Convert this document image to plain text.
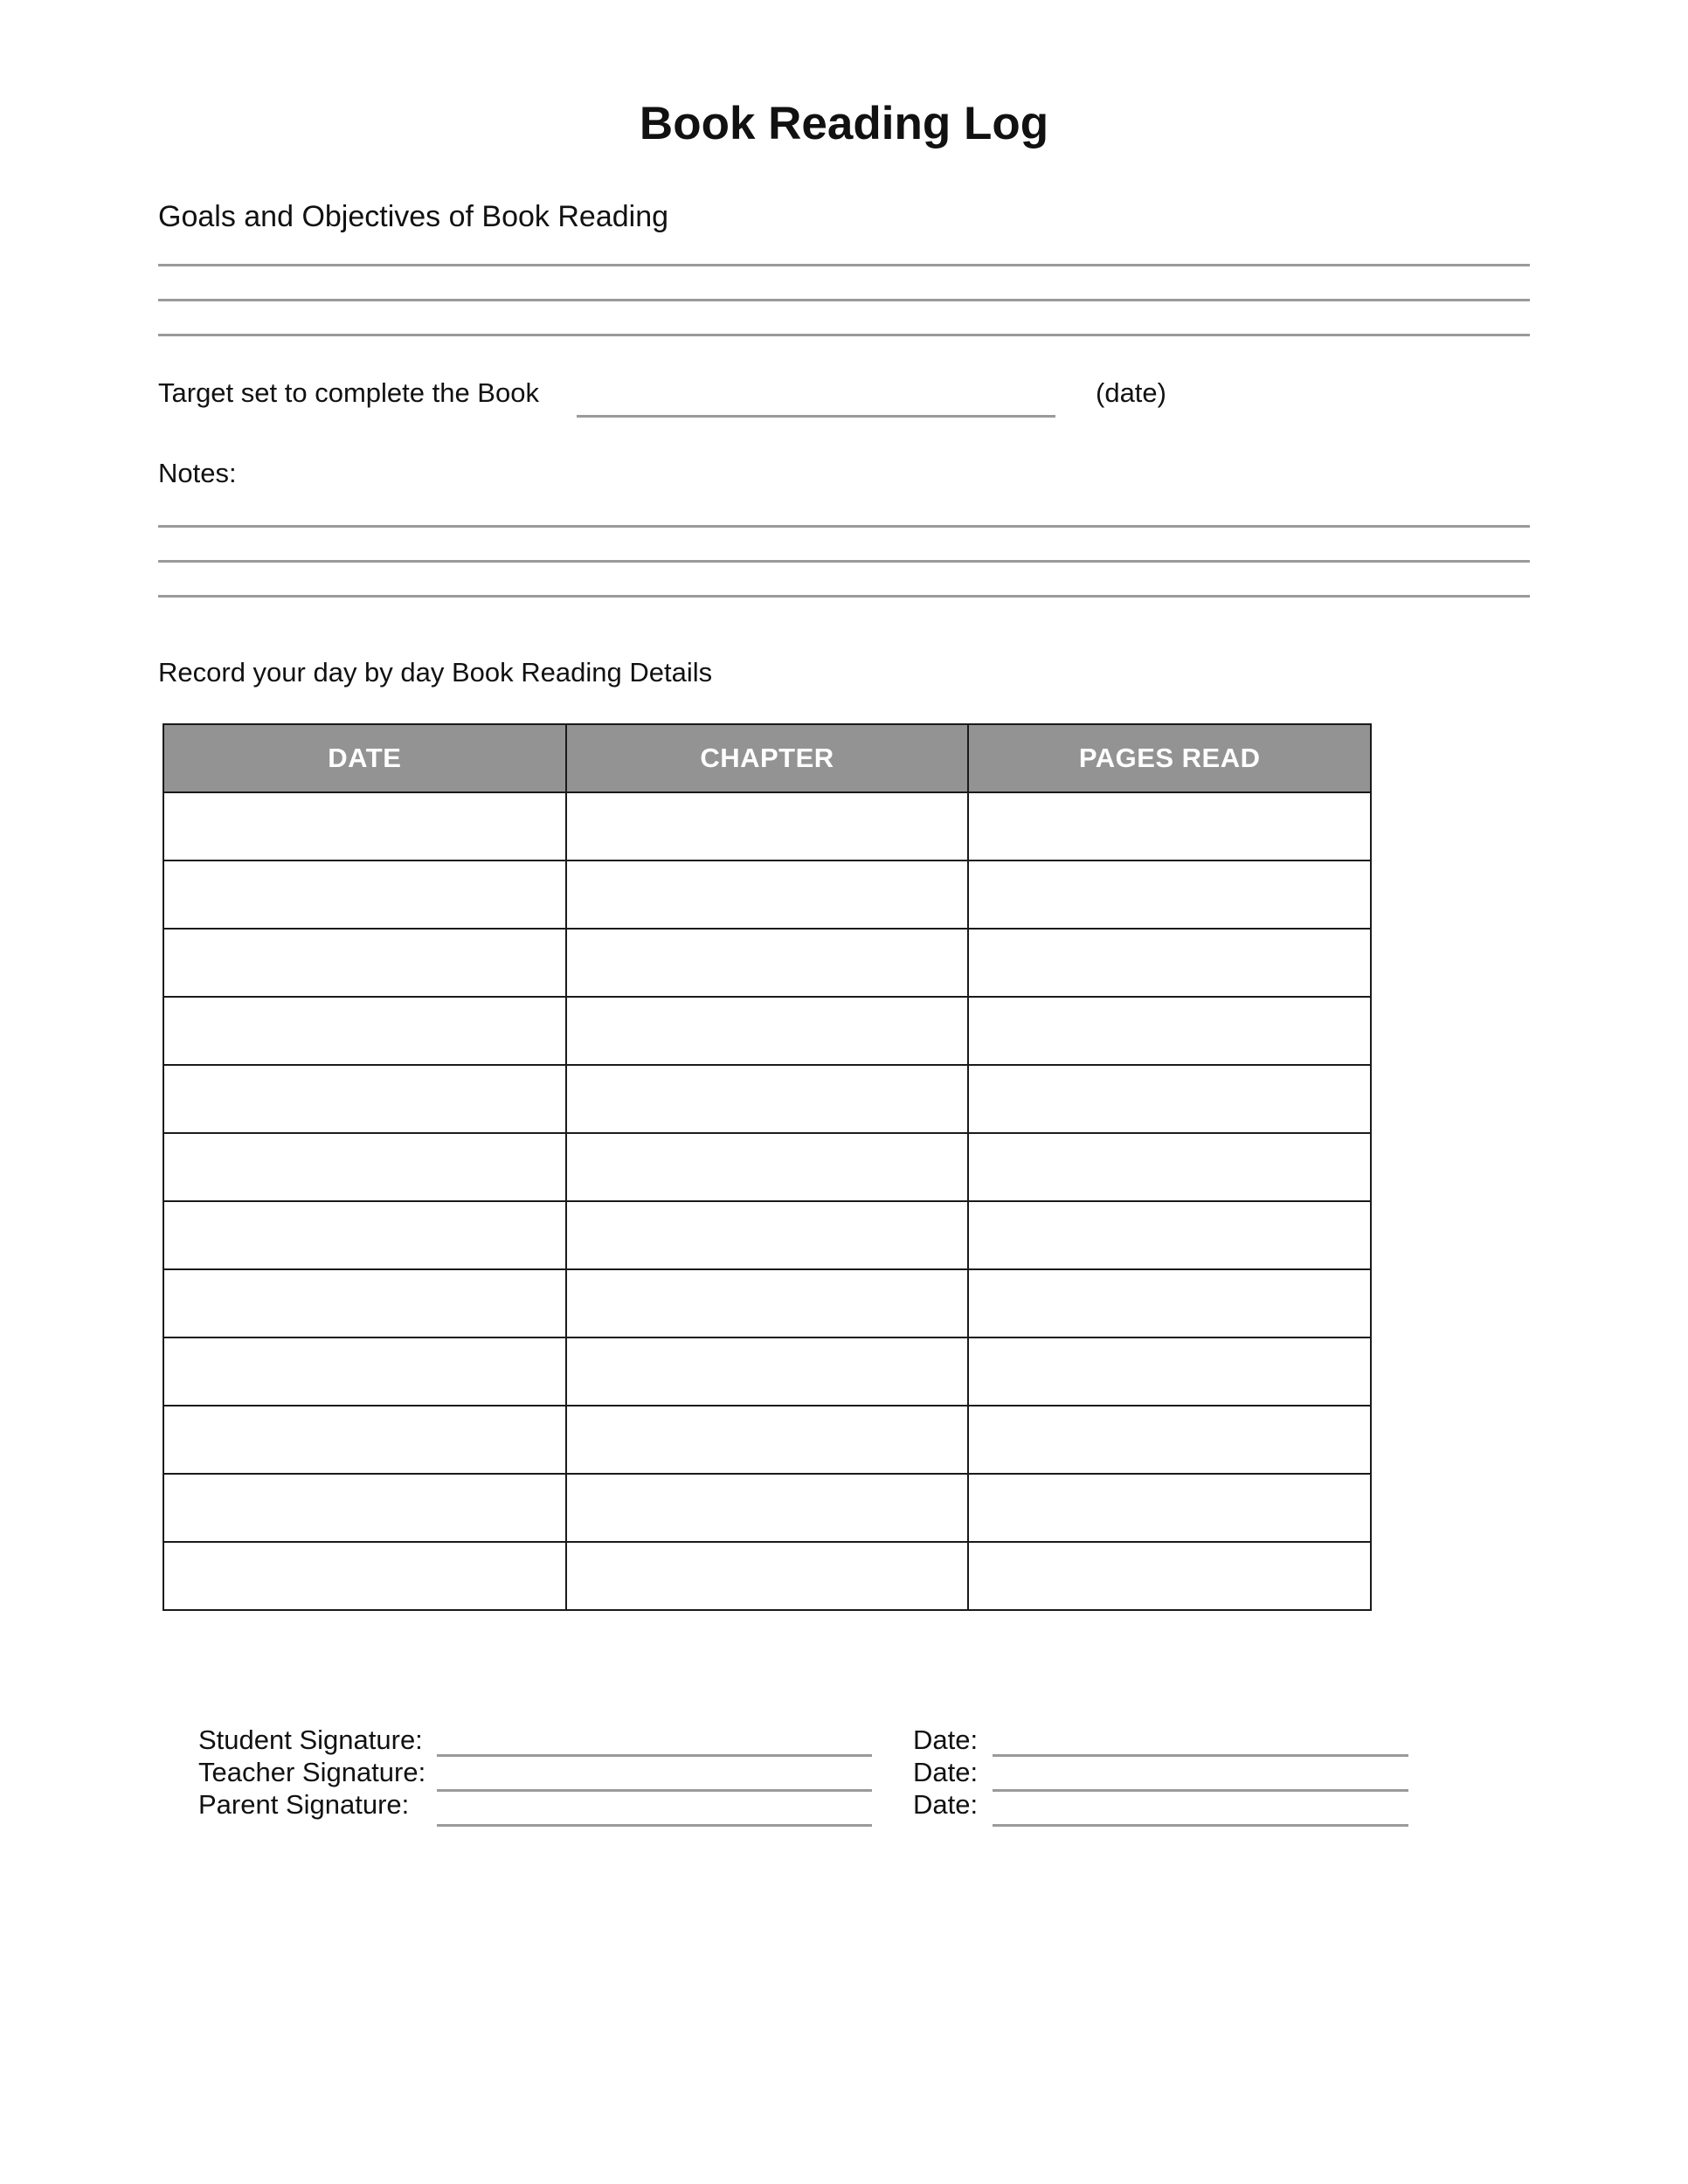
Book Reading Log
Goals and Objectives of Book Reading
Target set to complete the Book	(date)
Notes:
Record your day by day Book Reading Details
DATE	CHAPTER	PAGES READ

Student Signature:	Date:
Teacher Signature:	Date:
Parent Signature:	Date:
